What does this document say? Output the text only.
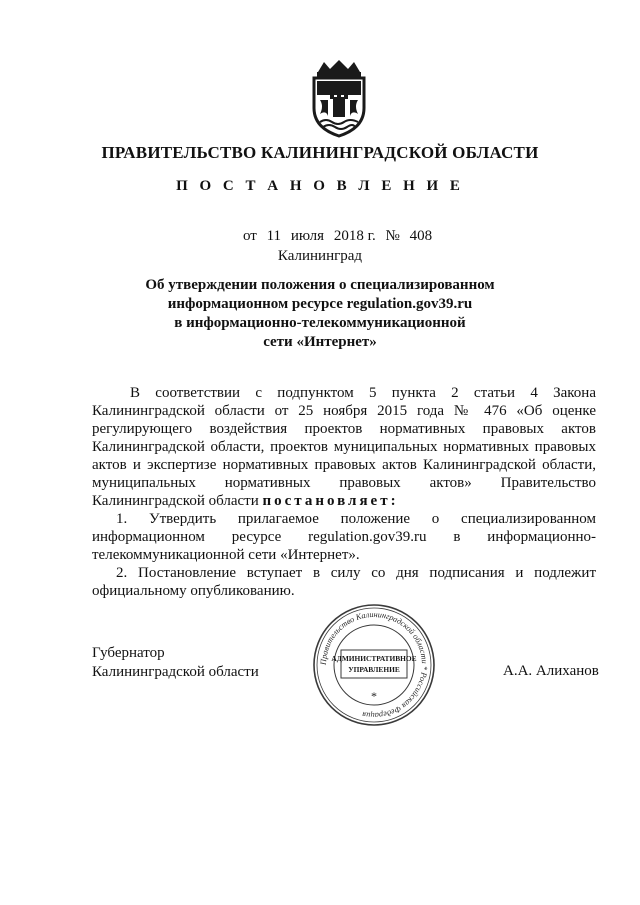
ПРАВИТЕЛЬСТВО КАЛИНИНГРАДСКОЙ ОБЛАСТИ
П О С Т А Н О В Л Е Н И Е
от 11 июля 2018 г. № 408
Калининград
Об утверждении положения о специализированном
информационном ресурсе regulation.gov39.ru
в информационно-телекоммуникационной
сети «Интернет»
В соответствии с подпунктом 5 пункта 2 статьи 4 Закона
Калининградской области от 25 ноября 2015 года № 476 «Об оценке
регулирующего воздействия проектов нормативных правовых актов
Калининградской области, проектов муниципальных нормативных правовых
актов и экспертизе нормативных правовых актов Калининградской области,
муниципальных нормативных правовых актов» Правительство
Калининградской области постановляет:
1. Утвердить прилагаемое положение о специализированном
информационном ресурсе regulation.gov39.ru в информационно-
телекоммуникационной сети «Интернет».
2. Постановление вступает в силу со дня подписания и подлежит
официальному опубликованию.
Губернатор
Калининградской области
Правительство Калининградской области * Российская Федерация
АДМИНИСТРАТИВНОЕ
УПРАВЛЕНИЕ
*
А.А. Алиханов
